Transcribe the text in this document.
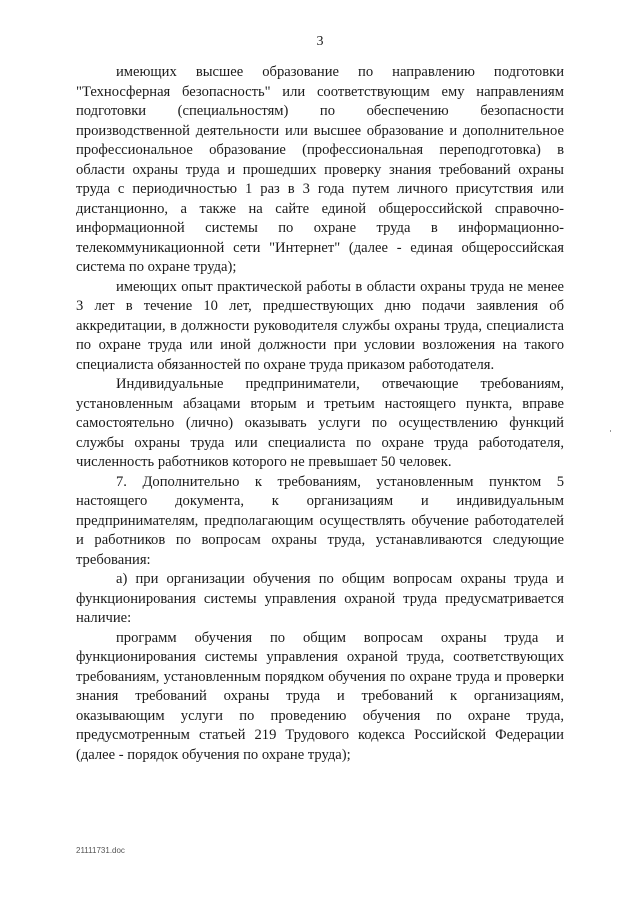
3

имеющих высшее образование по направлению подготовки "Техносферная безопасность" или соответствующим ему направлениям подготовки (специальностям) по обеспечению безопасности производственной деятельности или высшее образование и дополнительное профессиональное образование (профессиональная переподготовка) в области охраны труда и прошедших проверку знания требований охраны труда с периодичностью 1 раз в 3 года путем личного присутствия или дистанционно, а также на сайте единой общероссийской справочно-информационной системы по охране труда в информационно-телекоммуникационной сети "Интернет" (далее - единая общероссийская система по охране труда);

имеющих опыт практической работы в области охраны труда не менее 3 лет в течение 10 лет, предшествующих дню подачи заявления об аккредитации, в должности руководителя службы охраны труда, специалиста по охране труда или иной должности при условии возложения на такого специалиста обязанностей по охране труда приказом работодателя.

Индивидуальные предприниматели, отвечающие требованиям, установленным абзацами вторым и третьим настоящего пункта, вправе самостоятельно (лично) оказывать услуги по осуществлению функций службы охраны труда или специалиста по охране труда работодателя, численность работников которого не превышает 50 человек.

7. Дополнительно к требованиям, установленным пунктом 5 настоящего документа, к организациям и индивидуальным предпринимателям, предполагающим осуществлять обучение работодателей и работников по вопросам охраны труда, устанавливаются следующие требования:

а) при организации обучения по общим вопросам охраны труда и функционирования системы управления охраной труда предусматривается наличие:

программ обучения по общим вопросам охраны труда и функционирования системы управления охраной труда, соответствующих требованиям, установленным порядком обучения по охране труда и проверки знания требований охраны труда и требований к организациям, оказывающим услуги по проведению обучения по охране труда, предусмотренным статьей 219 Трудового кодекса Российской Федерации (далее - порядок обучения по охране труда);

21111731.doc
